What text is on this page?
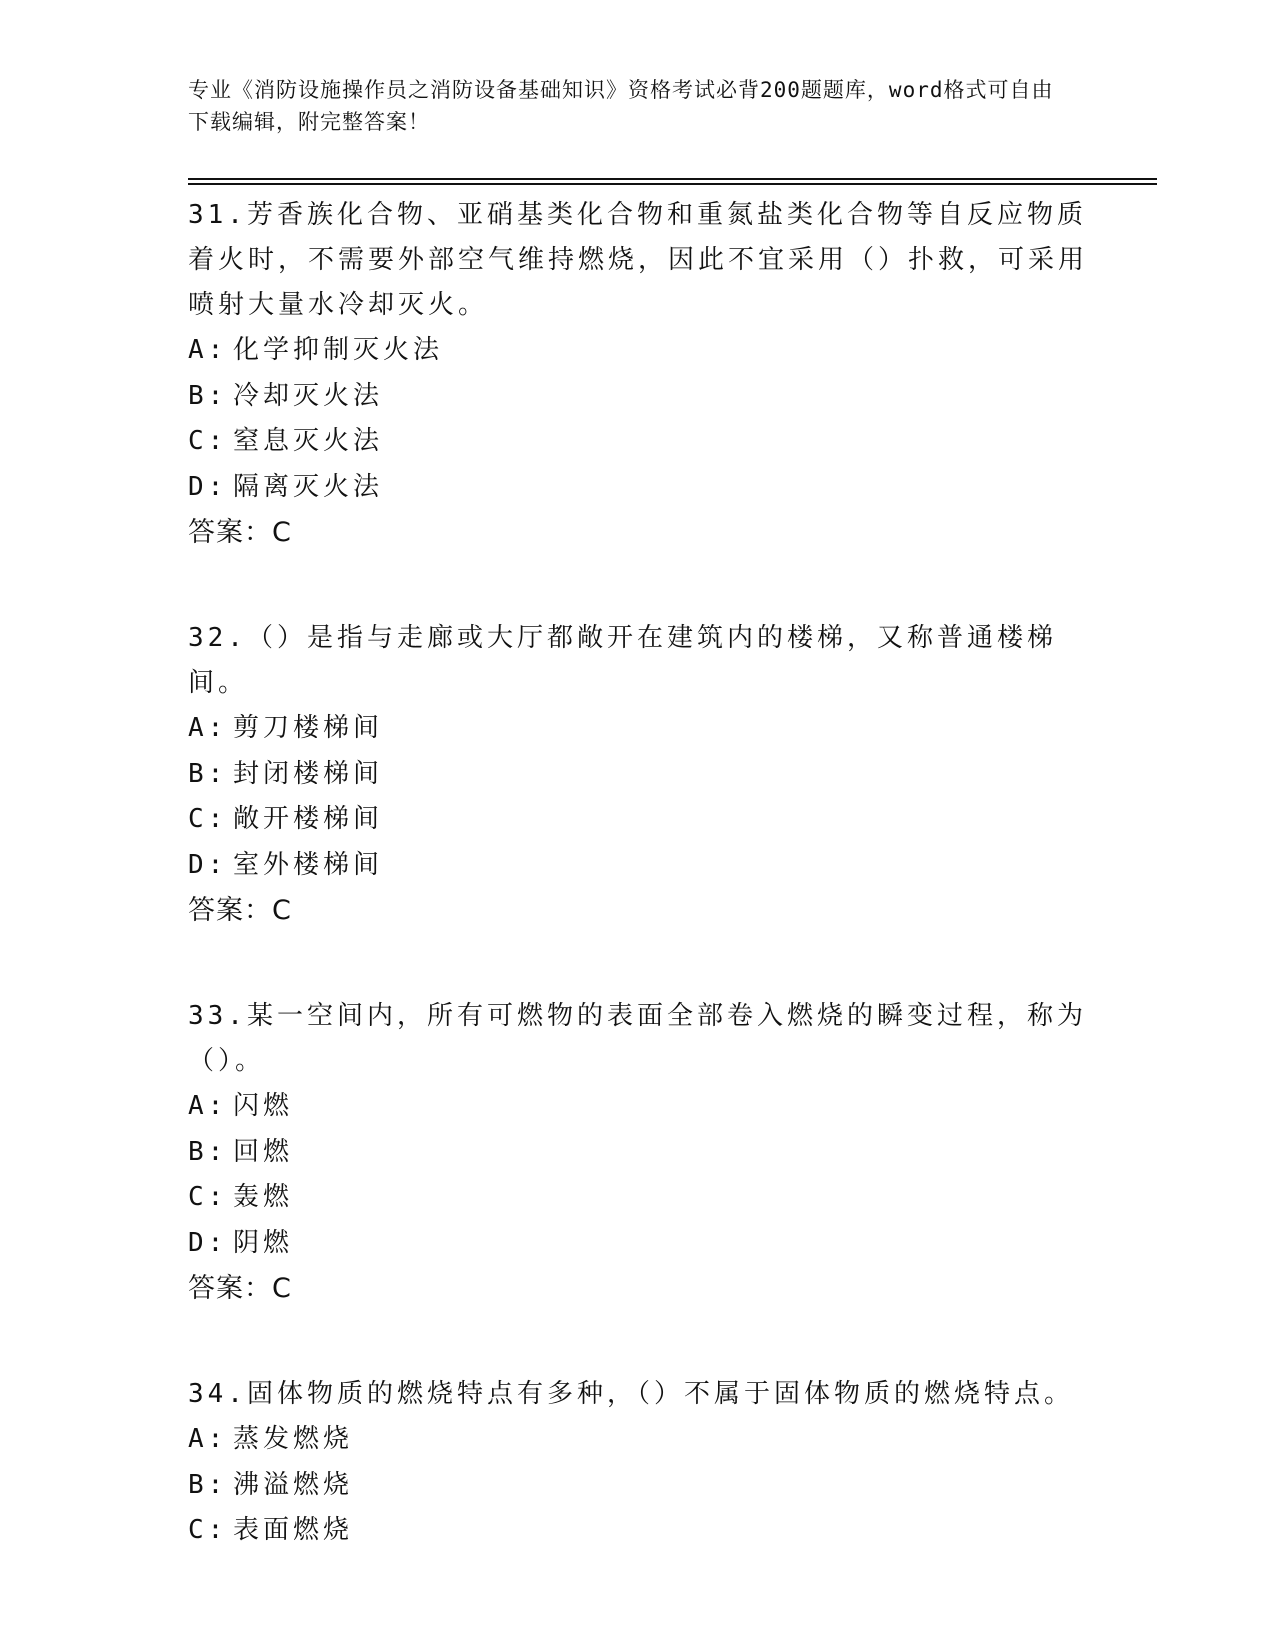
专业《消防设施操作员之消防设备基础知识》资格考试必背200题题库，word格式可自由下载编辑，附完整答案！

31.芳香族化合物、亚硝基类化合物和重氮盐类化合物等自反应物质着火时，不需要外部空气维持燃烧，因此不宜采用（）扑救，可采用喷射大量水冷却灭火。

A: 化学抑制灭火法
B: 冷却灭火法
C: 窒息灭火法
D: 隔离灭火法
答案：C

32.（）是指与走廊或大厅都敞开在建筑内的楼梯，又称普通楼梯间。

A: 剪刀楼梯间
B: 封闭楼梯间
C: 敞开楼梯间
D: 室外楼梯间
答案：C

33.某一空间内，所有可燃物的表面全部卷入燃烧的瞬变过程，称为（）。

A: 闪燃
B: 回燃
C: 轰燃
D: 阴燃
答案：C

34.固体物质的燃烧特点有多种，（）不属于固体物质的燃烧特点。

A: 蒸发燃烧
B: 沸溢燃烧
C: 表面燃烧
